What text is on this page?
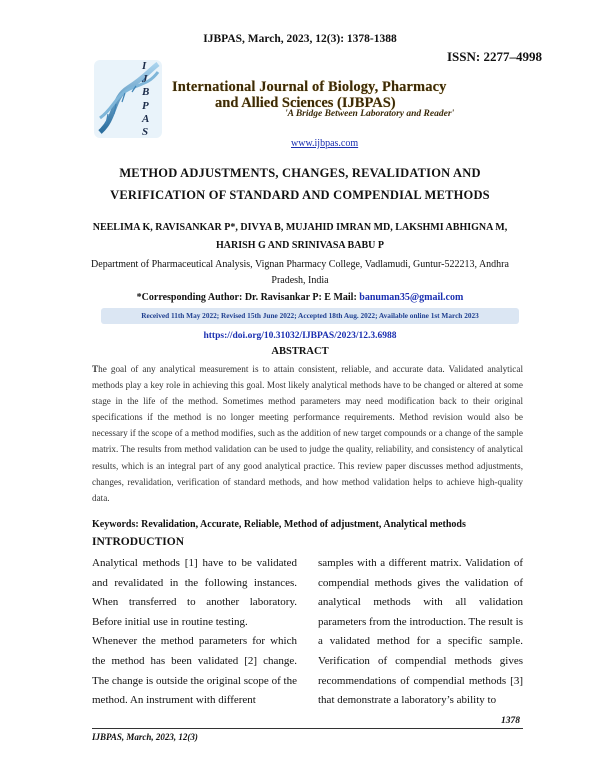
IJBPAS, March, 2023, 12(3): 1378-1388
ISSN: 2277–4998
I
J
B
P
A
S
International Journal of Biology, Pharmacy
and Allied Sciences (IJBPAS)
'A Bridge Between Laboratory and Reader'
www.ijbpas.com
METHOD ADJUSTMENTS, CHANGES, REVALIDATION AND
VERIFICATION OF STANDARD AND COMPENDIAL METHODS
NEELIMA K, RAVISANKAR P*, DIVYA B, MUJAHID IMRAN MD, LAKSHMI ABHIGNA M,
HARISH G AND SRINIVASA BABU P
Department of Pharmaceutical Analysis, Vignan Pharmacy College, Vadlamudi, Guntur-522213, Andhra
Pradesh, India
*Corresponding Author: Dr. Ravisankar P: E Mail: banuman35@gmail.com
Received 11th May 2022; Revised 15th June 2022; Accepted 18th Aug. 2022; Available online 1st March 2023
https://doi.org/10.31032/IJBPAS/2023/12.3.6988
ABSTRACT
The goal of any analytical measurement is to attain consistent, reliable, and accurate data. Validated analytical methods play a key role in achieving this goal. Most likely analytical methods have to be changed or altered at some stage in the life of the method. Sometimes method parameters may need modification back to their original specifications if the method is no longer meeting performance requirements. Method revision would also be necessary if the scope of a method modifies, such as the addition of new target compounds or a change of the sample matrix. The results from method validation can be used to judge the quality, reliability, and consistency of analytical results, which is an integral part of any good analytical practice. This review paper discusses method adjustments, changes, revalidation, verification of standard methods, and how method validation helps to achieve high-quality data.
Keywords: Revalidation, Accurate, Reliable, Method of adjustment, Analytical methods
INTRODUCTION

Analytical methods [1] have to be validated and revalidated in the following instances. When transferred to another laboratory. Before initial use in routine testing.

Whenever the method parameters for which the method has been validated [2] change. The change is outside the original scope of the method. An instrument with different

samples with a different matrix. Validation of compendial methods gives the validation of analytical methods with all validation parameters from the introduction. The result is a validated method for a specific sample. Verification of compendial methods gives recommendations of compendial methods [3] that demonstrate a laboratory’s ability to

1378
IJBPAS, March, 2023, 12(3)
